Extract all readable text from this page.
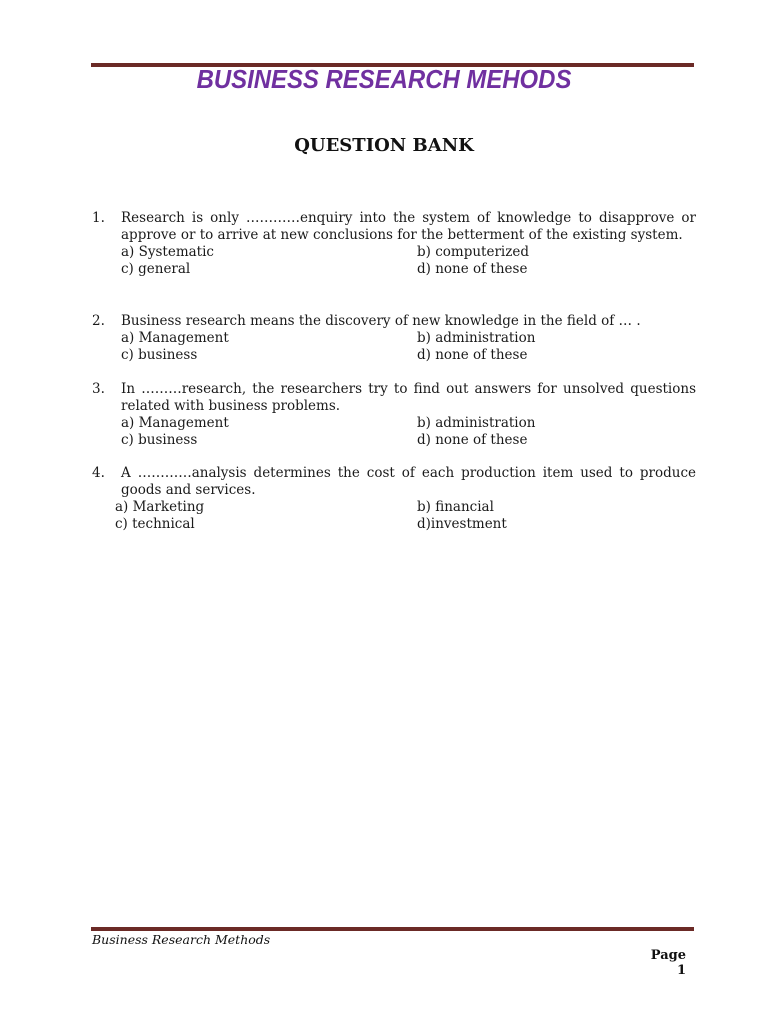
BUSINESS RESEARCH MEHODS
QUESTION BANK
1.	Research is only …………enquiry into the system of knowledge to disapprove or approve or to arrive at new conclusions for the betterment of the existing system.
a) Systematic	b) computerized
c) general	d) none of these
2.	Business research means the discovery of new knowledge in the field of … .
a) Management	b) administration
c) business	d) none of these
3.	In ………research, the researchers try to find out answers for unsolved questions related with business problems.
a) Management	b) administration
c) business	d) none of these
4.	A …………analysis determines the cost of each production item used to produce goods and services.
a) Marketing	b) financial
c) technical	d)investment
Business Research Methods
Page 1
